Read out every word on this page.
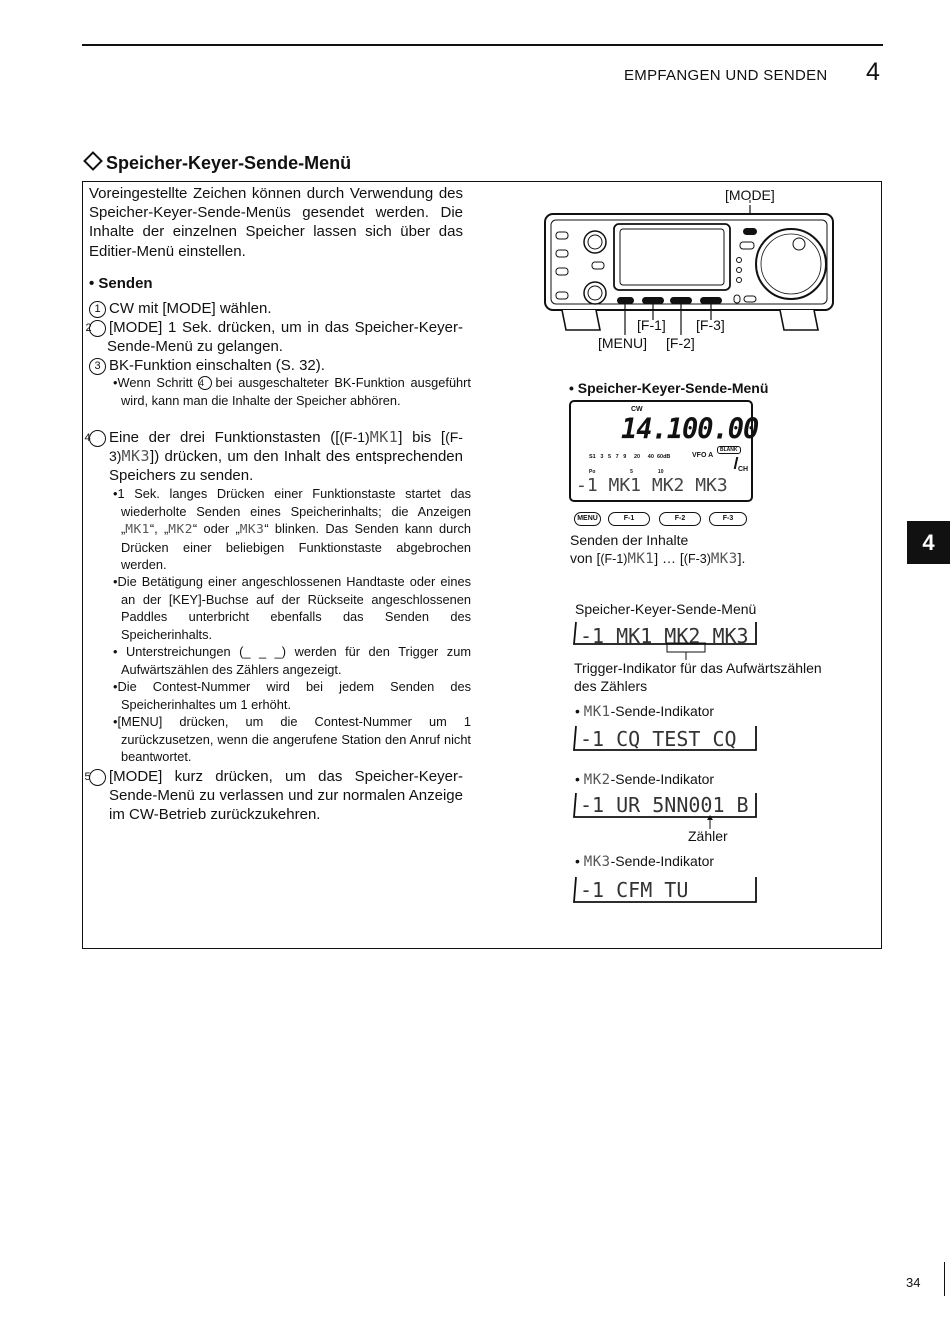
EMPFANGEN UND SENDEN 4
Speicher-Keyer-Sende-Menü
Voreingestellte Zeichen können durch Verwendung des Speicher-Keyer-Sende-Menüs gesendet werden. Die Inhalte der einzelnen Speicher lassen sich über das Editier-Menü einstellen.
• Senden
1 CW mit [MODE] wählen.
2 [MODE] 1 Sek. drücken, um in das Speicher-Keyer-Sende-Menü zu gelangen.
3 BK-Funktion einschalten (S. 32).
•Wenn Schritt 4 bei ausgeschalteter BK-Funktion ausgeführt wird, kann man die Inhalte der Speicher abhören.
4 Eine der drei Funktionstasten ([(F-1)MK1] bis [(F-3)MK3]) drücken, um den Inhalt des entsprechenden Speichers zu senden.
•1 Sek. langes Drücken einer Funktionstaste startet das wiederholte Senden eines Speicherinhalts; die Anzeigen „MK1“, „MK2“ oder „MK3“ blinken. Das Senden kann durch Drücken einer beliebigen Funktionstaste abgebrochen werden.
•Die Betätigung einer angeschlossenen Handtaste oder eines an der [KEY]-Buchse auf der Rückseite angeschlossenen Paddles unterbricht ebenfalls das Senden des Speicherinhalts.
• Unterstreichungen (_ _ _) werden für den Trigger zum Aufwärtszählen des Zählers angezeigt.
•Die Contest-Nummer wird bei jedem Senden des Speicherinhaltes um 1 erhöht.
•[MENU] drücken, um die Contest-Nummer um 1 zurückzusetzen, wenn die angerufene Station den Anruf nicht beantwortet.
5 [MODE] kurz drücken, um das Speicher-Keyer-Sende-Menü zu verlassen und zur normalen Anzeige im CW-Betrieb zurückzukehren.
[MODE]
[F-1] [F-3]
[MENU] [F-2]
• Speicher-Keyer-Sende-Menü
CW
14.100.00
S1 3 5 7 9 20 40 60dB	VFO A
BLANK
CH
Po	5	10
-1 MK1 MK2 MK3
MENU	F-1	F-2	F-3
Senden der Inhalte
von [(F-1)MK1] … [(F-3)MK3].
Speicher-Keyer-Sende-Menü
-1 MK1 MK2 MK3
Trigger-Indikator für das Aufwärtszählen des Zählers
• MK1-Sende-Indikator
-1 CQ TEST CQ
• MK2-Sende-Indikator
-1 UR 5NN001 B
Zähler
• MK3-Sende-Indikator
-1 CFM TU
4
34
